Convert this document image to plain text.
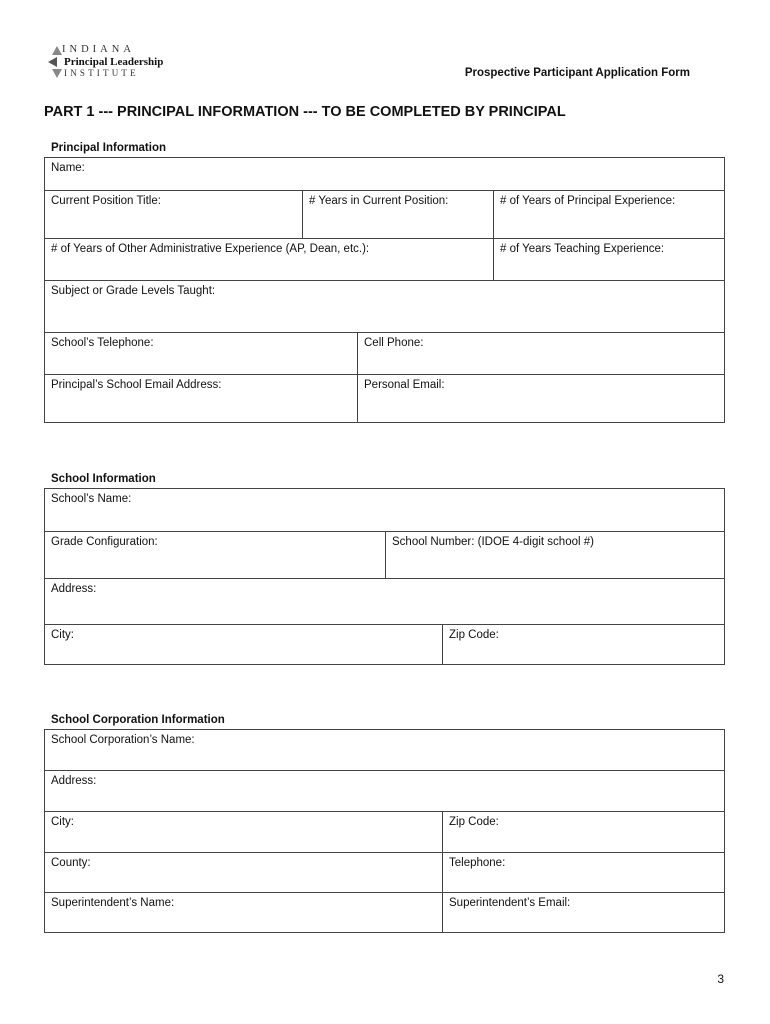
INDIANA
Principal Leadership
INSTITUTE	Prospective Participant Application Form
PART 1 --- PRINCIPAL INFORMATION --- TO BE COMPLETED BY PRINCIPAL
Principal Information
Name:
Current Position Title:	# Years in Current Position:	# of Years of Principal Experience:
# of Years of Other Administrative Experience (AP, Dean, etc.):	# of Years Teaching Experience:
Subject or Grade Levels Taught:
School’s Telephone:	Cell Phone:
Principal’s School Email Address:	Personal Email:
School Information
School’s Name:
Grade Configuration:	School Number: (IDOE 4-digit school #)
Address:
City:	Zip Code:
School Corporation Information
School Corporation’s Name:
Address:
City:	Zip Code:
County:	Telephone:
Superintendent’s Name:	Superintendent’s Email:
3
